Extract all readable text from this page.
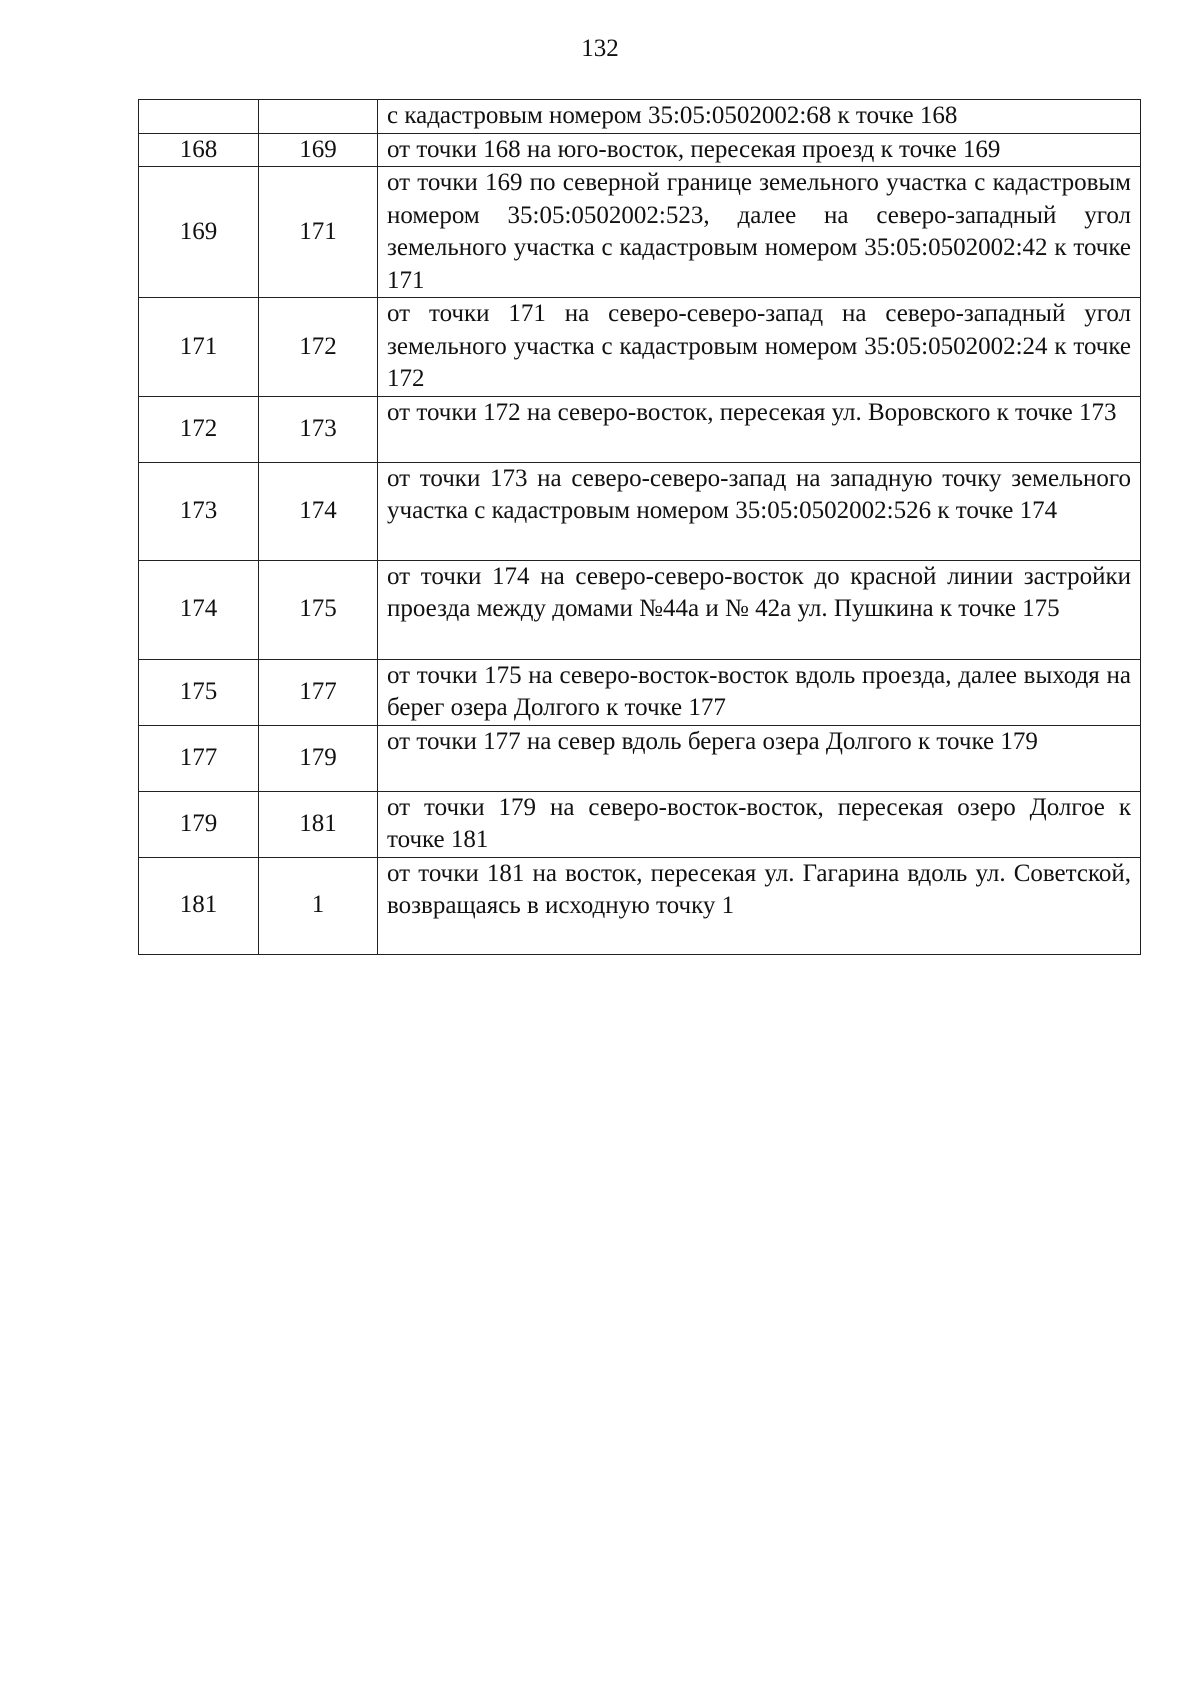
132
		с кадастровым номером 35:05:0502002:68 к точке 168
168	169	от точки 168 на юго-восток, пересекая проезд к точке 169
169	171	от точки 169 по северной границе земельного участка с кадастровым номером 35:05:0502002:523, далее на северо-западный угол земельного участка с кадастровым номером 35:05:0502002:42 к точке 171
171	172	от точки 171 на северо-северо-запад на северо-западный угол земельного участка с кадастровым номером 35:05:0502002:24 к точке 172
172	173	от точки 172 на северо-восток, пересекая ул. Воровского к точке 173
173	174	от точки 173 на северо-северо-запад на западную точку земельного участка с кадастровым номером 35:05:0502002:526 к точке 174
174	175	от точки 174 на северо-северо-восток до красной линии застройки проезда между домами №44а и № 42а ул. Пушкина к точке 175
175	177	от точки 175 на северо-восток-восток вдоль проезда, далее выходя на берег озера Долгого к точке 177
177	179	от точки 177 на север вдоль берега озера Долгого к точке 179
179	181	от точки 179 на северо-восток-восток, пересекая озеро Долгое к точке 181
181	1	от точки 181 на восток, пересекая ул. Гагарина вдоль ул. Советской, возвращаясь в исходную точку 1
